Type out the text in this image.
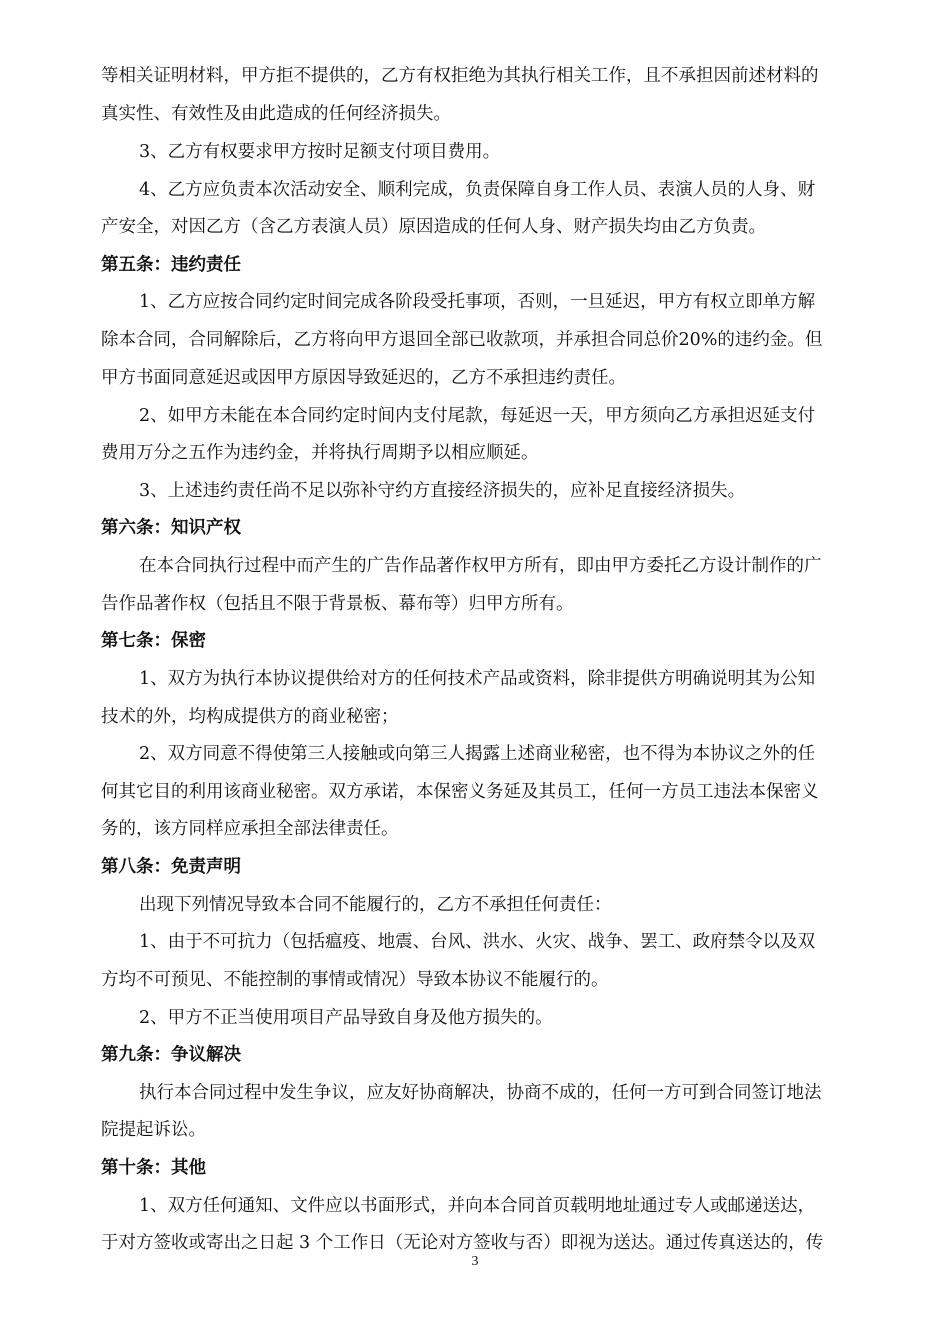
等相关证明材料，甲方拒不提供的，乙方有权拒绝为其执行相关工作，且不承担因前述材料的
真实性、有效性及由此造成的任何经济损失。
3、乙方有权要求甲方按时足额支付项目费用。
4、乙方应负责本次活动安全、顺利完成，负责保障自身工作人员、表演人员的人身、财
产安全，对因乙方（含乙方表演人员）原因造成的任何人身、财产损失均由乙方负责。
第五条：违约责任
1、乙方应按合同约定时间完成各阶段受托事项，否则，一旦延迟，甲方有权立即单方解
除本合同，合同解除后，乙方将向甲方退回全部已收款项，并承担合同总价20%的违约金。但
甲方书面同意延迟或因甲方原因导致延迟的，乙方不承担违约责任。
2、如甲方未能在本合同约定时间内支付尾款，每延迟一天，甲方须向乙方承担迟延支付
费用万分之五作为违约金，并将执行周期予以相应顺延。
3、上述违约责任尚不足以弥补守约方直接经济损失的，应补足直接经济损失。
第六条：知识产权
在本合同执行过程中而产生的广告作品著作权甲方所有，即由甲方委托乙方设计制作的广
告作品著作权（包括且不限于背景板、幕布等）归甲方所有。
第七条：保密
1、双方为执行本协议提供给对方的任何技术产品或资料，除非提供方明确说明其为公知
技术的外，均构成提供方的商业秘密；
2、双方同意不得使第三人接触或向第三人揭露上述商业秘密，也不得为本协议之外的任
何其它目的利用该商业秘密。双方承诺，本保密义务延及其员工，任何一方员工违法本保密义
务的，该方同样应承担全部法律责任。
第八条：免责声明
出现下列情况导致本合同不能履行的，乙方不承担任何责任：
1、由于不可抗力（包括瘟疫、地震、台风、洪水、火灾、战争、罢工、政府禁令以及双
方均不可预见、不能控制的事情或情况）导致本协议不能履行的。
2、甲方不正当使用项目产品导致自身及他方损失的。
第九条：争议解决
执行本合同过程中发生争议，应友好协商解决，协商不成的，任何一方可到合同签订地法
院提起诉讼。
第十条：其他
1、双方任何通知、文件应以书面形式，并向本合同首页载明地址通过专人或邮递送达，
于对方签收或寄出之日起 3 个工作日（无论对方签收与否）即视为送达。通过传真送达的，传
3
